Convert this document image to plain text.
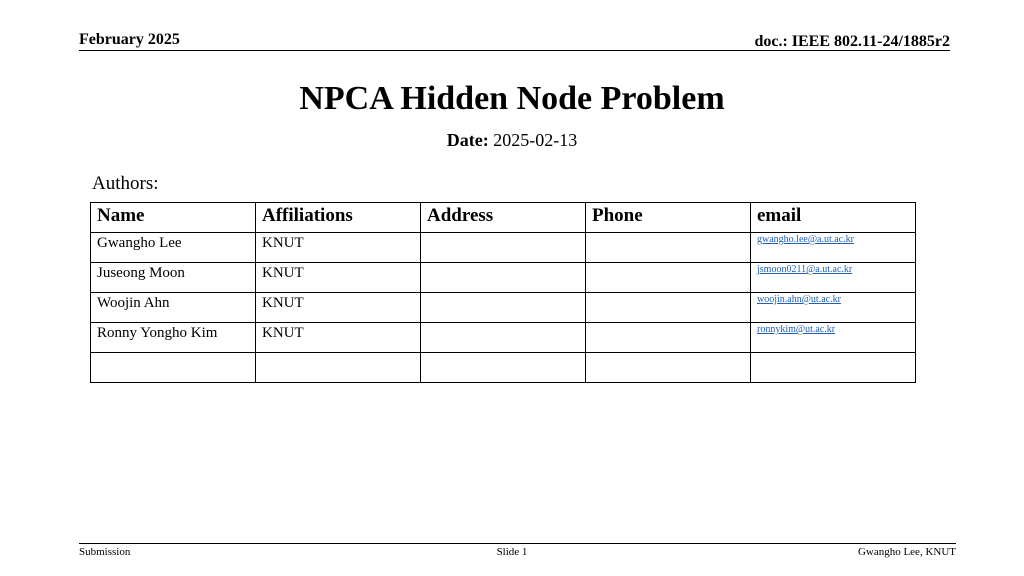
February 2025	doc.: IEEE 802.11-24/1885r2
NPCA Hidden Node Problem
Date: 2025-02-13
Authors:
Name	Affiliations	Address	Phone	email
Gwangho Lee	KNUT			gwangho.lee@a.ut.ac.kr
Juseong Moon	KNUT			jsmoon0211@a.ut.ac.kr
Woojin Ahn	KNUT			woojin.ahn@ut.ac.kr
Ronny Yongho Kim	KNUT			ronnykim@ut.ac.kr

Submission	Slide 1	Gwangho Lee, KNUT
